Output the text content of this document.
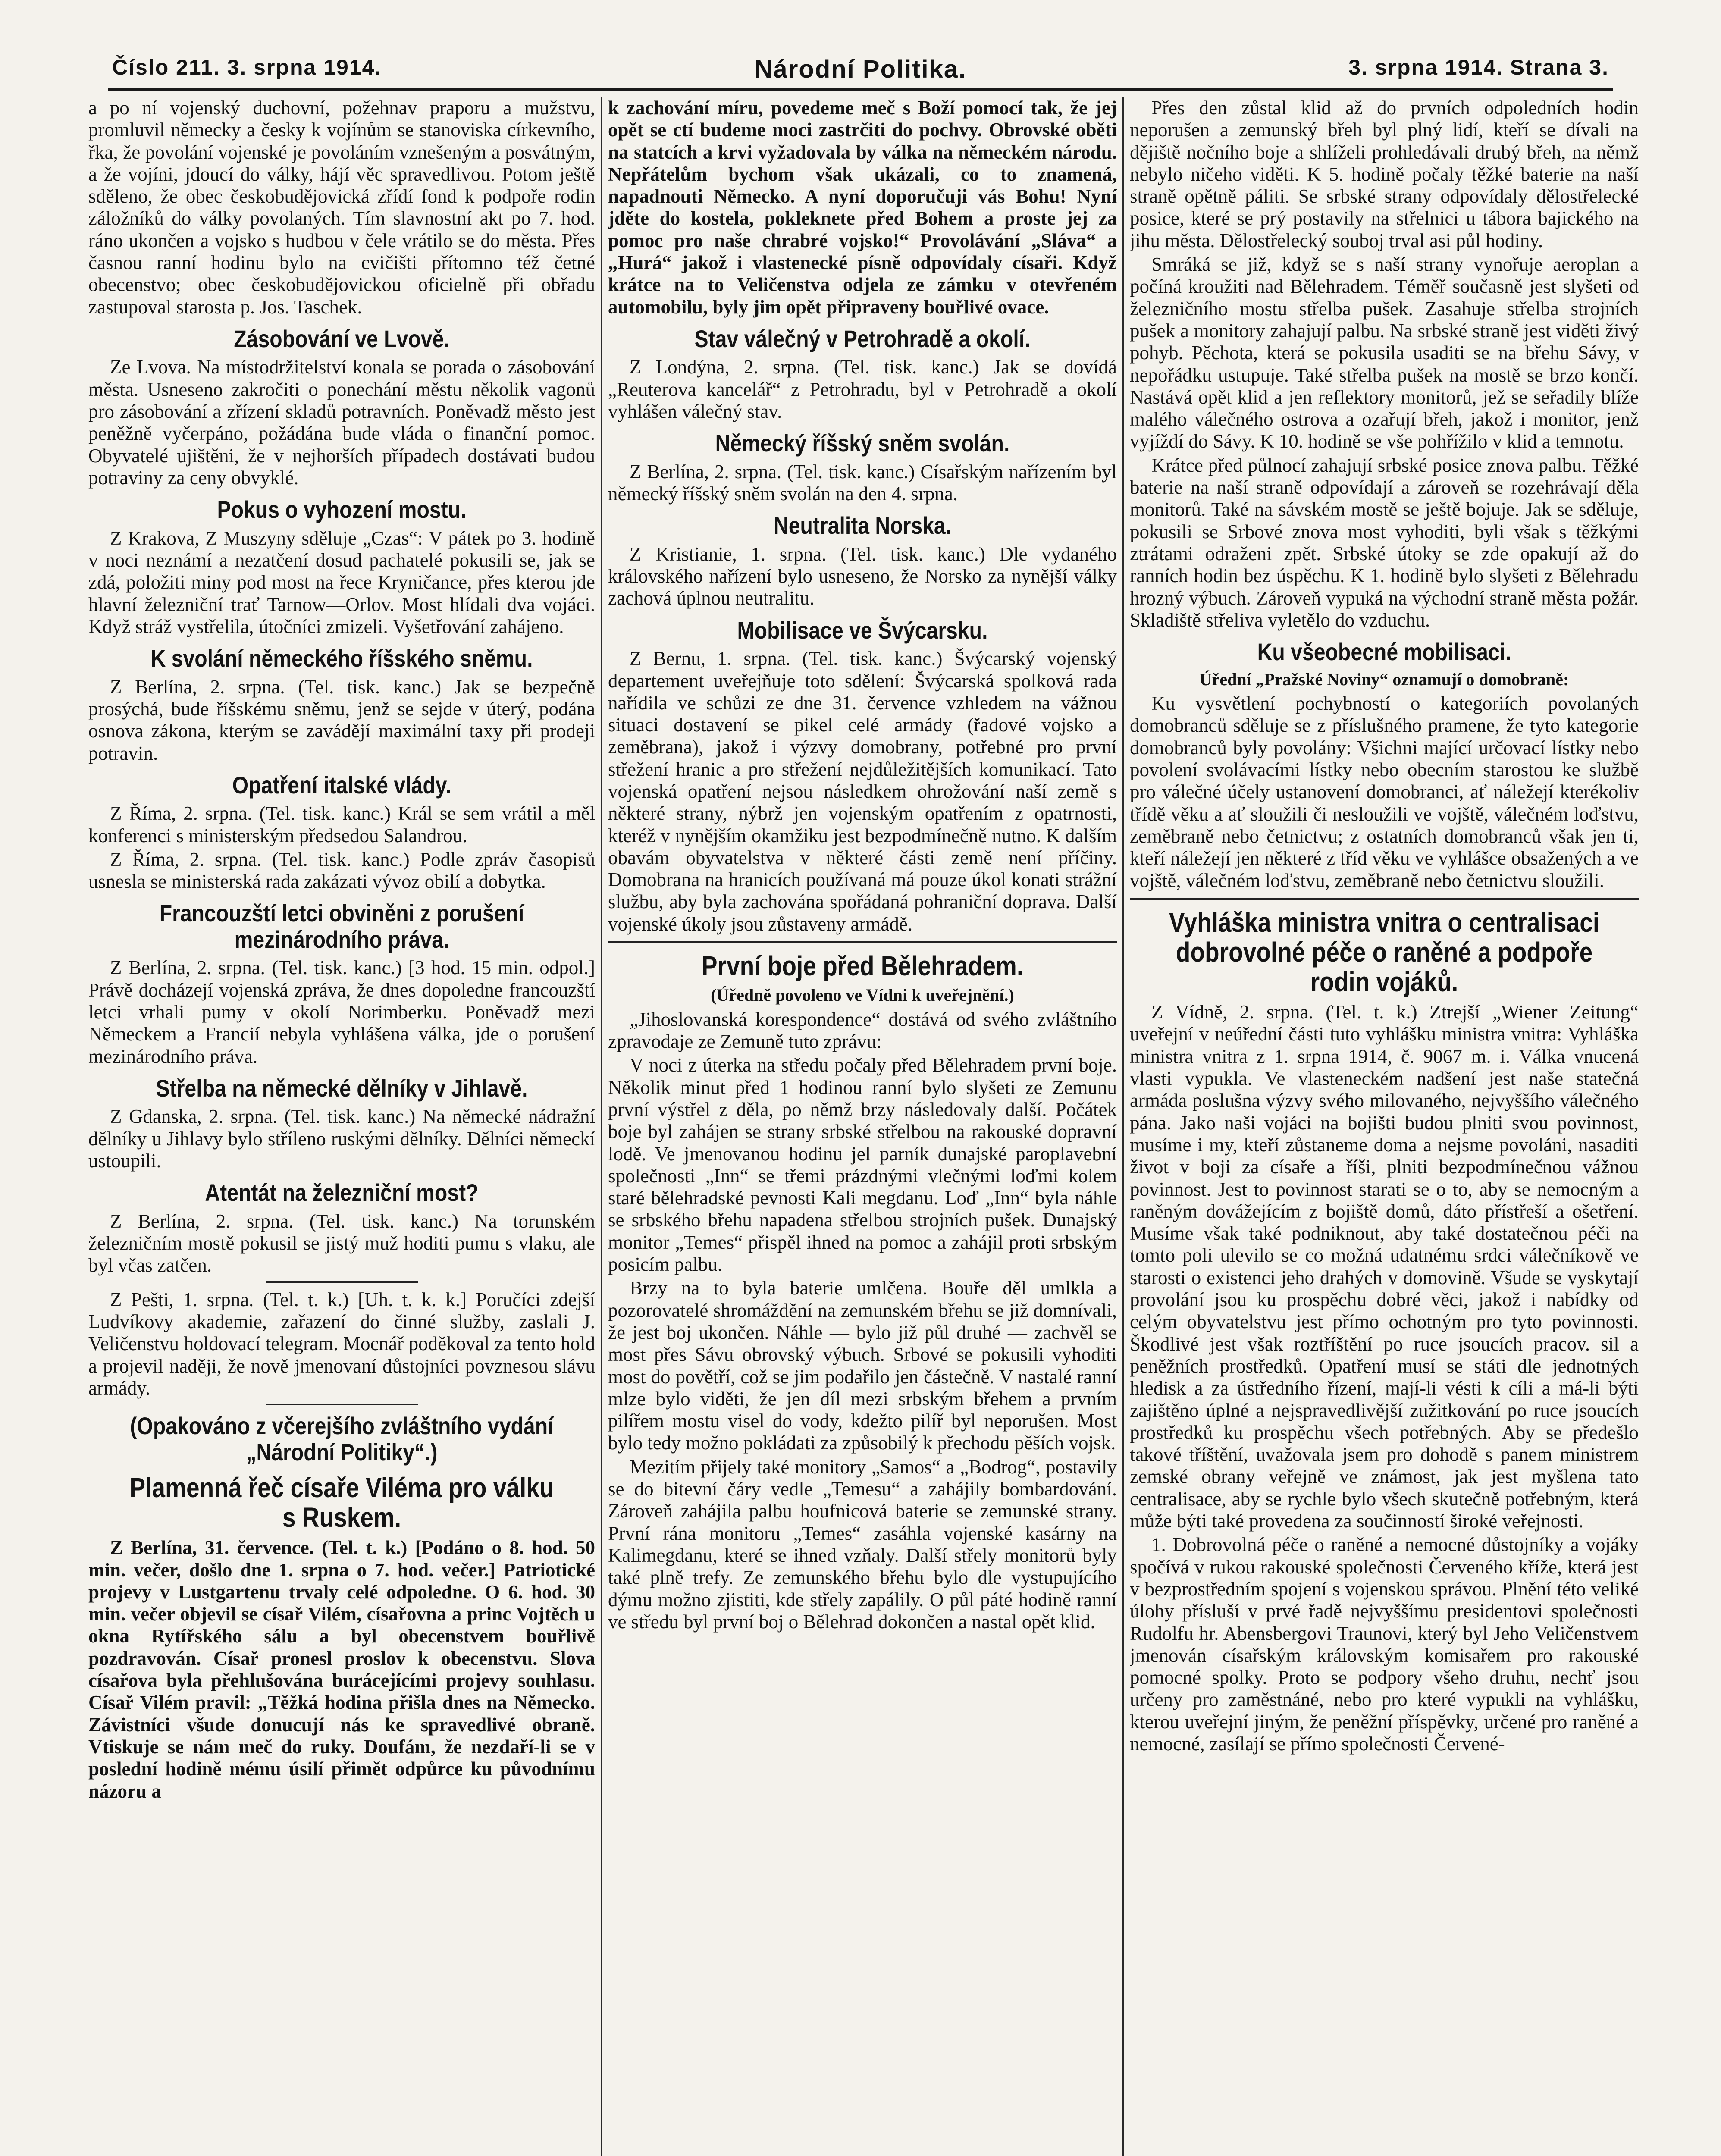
Číslo 211. 3. srpna 1914.	Národní Politika.	3. srpna 1914. Strana 3.

a po ní vojenský duchovní, požehnav praporu a mužstvu, promluvil německy a česky k vojínům se stanoviska církevního, řka, že povolání vojenské je povoláním vznešeným a posvátným, a že vojíni, jdoucí do války, hájí věc spravedlivou. Potom ještě sděleno, že obec českobudějovická zřídí fond k podpoře rodin záložníků do války povolaných. Tím slavnostní akt po 7. hod. ráno ukončen a vojsko s hudbou v čele vrátilo se do města. Přes časnou ranní hodinu bylo na cvičišti přítomno též četné obecenstvo; obec českobudějovickou oficielně při obřadu zastupoval starosta p. Jos. Taschek.

Zásobování ve Lvově.

Ze Lvova. Na místodržitelství konala se porada o zásobování města. Usneseno zakročiti o ponechání městu několik vagonů pro zásobování a zřízení skladů potravních. Poněvadž město jest peněžně vyčerpáno, požádána bude vláda o finanční pomoc. Obyvatelé ujištěni, že v nejhorších případech dostávati budou potraviny za ceny obvyklé.

Pokus o vyhození mostu.

Z Krakova, Z Muszyny sděluje „Czas“: V pátek po 3. hodině v noci neznámí a nezatčení dosud pachatelé pokusili se, jak se zdá, položiti miny pod most na řece Kryničance, přes kterou jde hlavní železniční trať Tarnow—Orlov. Most hlídali dva vojáci. Když stráž vystřelila, útočníci zmizeli. Vyšetřování zahájeno.

K svolání německého říšského sněmu.

Z Berlína, 2. srpna. (Tel. tisk. kanc.) Jak se bezpečně prosýchá, bude říšskému sněmu, jenž se sejde v úterý, podána osnova zákona, kterým se zavádějí maximální taxy při prodeji potravin.

Opatření italské vlády.

Z Říma, 2. srpna. (Tel. tisk. kanc.) Král se sem vrátil a měl konferenci s ministerským předsedou Salandrou.

Z Říma, 2. srpna. (Tel. tisk. kanc.) Podle zpráv časopisů usnesla se ministerská rada zakázati vývoz obilí a dobytka.

Francouzští letci obviněni z porušení mezinárodního práva.

Z Berlína, 2. srpna. (Tel. tisk. kanc.) [3 hod. 15 min. odpol.] Právě docházejí vojenská zpráva, že dnes dopoledne francouzští letci vrhali pumy v okolí Norimberku. Poněvadž mezi Německem a Francií nebyla vyhlášena válka, jde o porušení mezinárodního práva.

Střelba na německé dělníky v Jihlavě.

Z Gdanska, 2. srpna. (Tel. tisk. kanc.) Na německé nádražní dělníky u Jihlavy bylo stříleno ruskými dělníky. Dělníci německí ustoupili.

Atentát na železniční most?

Z Berlína, 2. srpna. (Tel. tisk. kanc.) Na torunském železničním mostě pokusil se jistý muž hoditi pumu s vlaku, ale byl včas zatčen.

Z Pešti, 1. srpna. (Tel. t. k.) [Uh. t. k. k.] Poručíci zdejší Ludvíkovy akademie, zařazení do činné služby, zaslali J. Veličenstvu holdovací telegram. Mocnář poděkoval za tento hold a projevil naději, že nově jmenovaní důstojníci povznesou slávu armády.

(Opakováno z včerejšího zvláštního vydání „Národní Politiky“.)
Plamenná řeč císaře Viléma pro válku s Ruskem.

Z Berlína, 31. července. (Tel. t. k.) [Podáno o 8. hod. 50 min. večer, došlo dne 1. srpna o 7. hod. večer.] Patriotické projevy v Lustgartenu trvaly celé odpoledne. O 6. hod. 30 min. večer objevil se císař Vilém, císařovna a princ Vojtěch u okna Rytířského sálu a byl obecenstvem bouřlivě pozdravován. Císař pronesl proslov k obecenstvu. Slova císařova byla přehlušována burácejícími projevy souhlasu. Císař Vilém pravil: „Těžká hodina přišla dnes na Německo. Závistníci všude donucují nás ke spravedlivé obraně. Vtiskuje se nám meč do ruky. Doufám, že nezdaří-li se v poslední hodině mému úsilí přimět odpůrce ku původnímu názoru a

k zachování míru, povedeme meč s Boží pomocí tak, že jej opět se ctí budeme moci zastrčiti do pochvy. Obrovské oběti na statcích a krvi vyžadovala by válka na německém národu. Nepřátelům bychom však ukázali, co to znamená, napadnouti Německo. A nyní doporučuji vás Bohu! Nyní jděte do kostela, pokleknete před Bohem a proste jej za pomoc pro naše chrabré vojsko!“ Provolávání „Sláva“ a „Hurá“ jakož i vlastenecké písně odpovídaly císaři. Když krátce na to Veličenstva odjela ze zámku v otevřeném automobilu, byly jim opět připraveny bouřlivé ovace.

Stav válečný v Petrohradě a okolí.

Z Londýna, 2. srpna. (Tel. tisk. kanc.) Jak se dovídá „Reuterova kancelář“ z Petrohradu, byl v Petrohradě a okolí vyhlášen válečný stav.

Německý říšský sněm svolán.

Z Berlína, 2. srpna. (Tel. tisk. kanc.) Císařským nařízením byl německý říšský sněm svolán na den 4. srpna.

Neutralita Norska.

Z Kristianie, 1. srpna. (Tel. tisk. kanc.) Dle vydaného královského nařízení bylo usneseno, že Norsko za nynější války zachová úplnou neutralitu.

Mobilisace ve Švýcarsku.

Z Bernu, 1. srpna. (Tel. tisk. kanc.) Švýcarský vojenský departement uveřejňuje toto sdělení: Švýcarská spolková rada nařídila ve schůzi ze dne 31. července vzhledem na vážnou situaci dostavení se pikel celé armády (řadové vojsko a zeměbrana), jakož i výzvy domobrany, potřebné pro první střežení hranic a pro střežení nejdůležitějších komunikací. Tato vojenská opatření nejsou následkem ohrožování naší země s některé strany, nýbrž jen vojenským opatřením z opatrnosti, kteréž v nynějším okamžiku jest bezpodmínečně nutno. K dalším obavám obyvatelstva v některé části země není příčiny. Domobrana na hranicích používaná má pouze úkol konati strážní službu, aby byla zachována spořádaná pohraniční doprava. Další vojenské úkoly jsou zůstaveny armádě.

První boje před Bělehradem.
(Úředně povoleno ve Vídni k uveřejnění.)

„Jihoslovanská korespondence“ dostává od svého zvláštního zpravodaje ze Zemuně tuto zprávu:

V noci z úterka na středu počaly před Bělehradem první boje. Několik minut před 1 hodinou ranní bylo slyšeti ze Zemunu první výstřel z děla, po němž brzy následovaly další. Počátek boje byl zahájen se strany srbské střelbou na rakouské dopravní lodě. Ve jmenovanou hodinu jel parník dunajské paroplavební společnosti „Inn“ se třemi prázdnými vlečnými loďmi kolem staré bělehradské pevnosti Kali megdanu. Loď „Inn“ byla náhle se srbského břehu napadena střelbou strojních pušek. Dunajský monitor „Temes“ přispěl ihned na pomoc a zahájil proti srbským posicím palbu.

Brzy na to byla baterie umlčena. Bouře děl umlkla a pozorovatelé shromáždění na zemunském břehu se již domnívali, že jest boj ukončen. Náhle — bylo již půl druhé — zachvěl se most přes Sávu obrovský výbuch. Srbové se pokusili vyhoditi most do povětří, což se jim podařilo jen částečně. V nastalé ranní mlze bylo viděti, že jen díl mezi srbským břehem a prvním pilířem mostu visel do vody, kdežto pilíř byl neporušen. Most bylo tedy možno pokládati za způsobilý k přechodu pěších vojsk.

Mezitím přijely také monitory „Samos“ a „Bodrog“, postavily se do bitevní čáry vedle „Temesu“ a zahájily bombardování. Zároveň zahájila palbu houfnicová baterie se zemunské strany. První rána monitoru „Temes“ zasáhla vojenské kasárny na Kalimegdanu, které se ihned vzňaly. Další střely monitorů byly také plně trefy. Ze zemunského břehu bylo dle vystupujícího dýmu možno zjistiti, kde střely zapálily. O půl páté hodině ranní ve středu byl první boj o Bělehrad dokončen a nastal opět klid.

Přes den zůstal klid až do prvních odpoledních hodin neporušen a zemunský břeh byl plný lidí, kteří se dívali na dějiště nočního boje a shlíželi prohledávali drubý břeh, na němž nebylo ničeho viděti. K 5. hodině počaly těžké baterie na naší straně opětně páliti. Se srbské strany odpovídaly dělostřelecké posice, které se prý postavily na střelnici u tábora bajického na jihu města. Dělostřelecký souboj trval asi půl hodiny.

Smráká se již, když se s naší strany vynořuje aeroplan a počíná kroužiti nad Bělehradem. Téměř současně jest slyšeti od železničního mostu střelba pušek. Zasahuje střelba strojních pušek a monitory zahajují palbu. Na srbské straně jest viděti živý pohyb. Pěchota, která se pokusila usaditi se na břehu Sávy, v nepořádku ustupuje. Také střelba pušek na mostě se brzo končí. Nastává opět klid a jen reflektory monitorů, jež se seřadily blíže malého válečného ostrova a ozařují břeh, jakož i monitor, jenž vyjíždí do Sávy. K 10. hodině se vše pohřížilo v klid a temnotu.

Krátce před půlnocí zahajují srbské posice znova palbu. Těžké baterie na naší straně odpovídají a zároveň se rozehrávají děla monitorů. Také na sávském mostě se ještě bojuje. Jak se sděluje, pokusili se Srbové znova most vyhoditi, byli však s těžkými ztrátami odraženi zpět. Srbské útoky se zde opakují až do ranních hodin bez úspěchu. K 1. hodině bylo slyšeti z Bělehradu hrozný výbuch. Zároveň vypuká na východní straně města požár. Skladiště střeliva vyletělo do vzduchu.

Ku všeobecné mobilisaci.
Úřední „Pražské Noviny“ oznamují o domobraně:

Ku vysvětlení pochybností o kategoriích povolaných domobranců sděluje se z příslušného pramene, že tyto kategorie domobranců byly povolány: Všichni mající určovací lístky nebo povolení svolávacími lístky nebo obecním starostou ke službě pro válečné účely ustanovení domobranci, ať náležejí kterékoliv třídě věku a ať sloužili či nesloužili ve vojště, válečném loďstvu, zeměbraně nebo četnictvu; z ostatních domobranců však jen ti, kteří náležejí jen některé z tříd věku ve vyhlášce obsažených a ve vojště, válečném loďstvu, zeměbraně nebo četnictvu sloužili.

Vyhláška ministra vnitra o centralisaci dobrovolné péče o raněné a podpoře rodin vojáků.

Z Vídně, 2. srpna. (Tel. t. k.) Ztrejší „Wiener Zeitung“ uveřejní v neúřední části tuto vyhlášku ministra vnitra: Vyhláška ministra vnitra z 1. srpna 1914, č. 9067 m. i. Válka vnucená vlasti vypukla. Ve vlasteneckém nadšení jest naše statečná armáda poslušna výzvy svého milovaného, nejvyššího válečného pána. Jako naši vojáci na bojišti budou plniti svou povinnost, musíme i my, kteří zůstaneme doma a nejsme povoláni, nasaditi život v boji za císaře a říši, plniti bezpodmínečnou vážnou povinnost. Jest to povinnost starati se o to, aby se nemocným a raněným dovážejícím z bojiště domů, dáto přístřeší a ošetření. Musíme však také podniknout, aby také dostatečnou péči na tomto poli ulevilo se co možná udatnému srdci válečníkově ve starosti o existenci jeho drahých v domovině. Všude se vyskytají provolání jsou ku prospěchu dobré věci, jakož i nabídky od celým obyvatelstvu jest přímo ochotným pro tyto povinnosti. Škodlivé jest však roztříštění po ruce jsoucích pracov. sil a peněžních prostředků. Opatření musí se státi dle jednotných hledisk a za ústředního řízení, mají-li vésti k cíli a má-li býti zajištěno úplné a nejspravedlivější zužitkování po ruce jsoucích prostředků ku prospěchu všech potřebných. Aby se předešlo takové tříštění, uvažovala jsem pro dohodě s panem ministrem zemské obrany veřejně ve známost, jak jest myšlena tato centralisace, aby se rychle bylo všech skutečně potřebným, která může býti také provedena za součinností široké veřejnosti.

1. Dobrovolná péče o raněné a nemocné důstojníky a vojáky spočívá v rukou rakouské společnosti Červeného kříže, která jest v bezprostředním spojení s vojenskou správou. Plnění této veliké úlohy přísluší v prvé řadě nejvyššímu presidentovi společnosti Rudolfu hr. Abensbergovi Traunovi, který byl Jeho Veličenstvem jmenován císařským královským komisařem pro rakouské pomocné spolky. Proto se podpory všeho druhu, nechť jsou určeny pro zaměstnáné, nebo pro které vypukli na vyhlášku, kterou uveřejní jiným, že peněžní příspěvky, určené pro raněné a nemocné, zasílají se přímo společnosti Červené-
